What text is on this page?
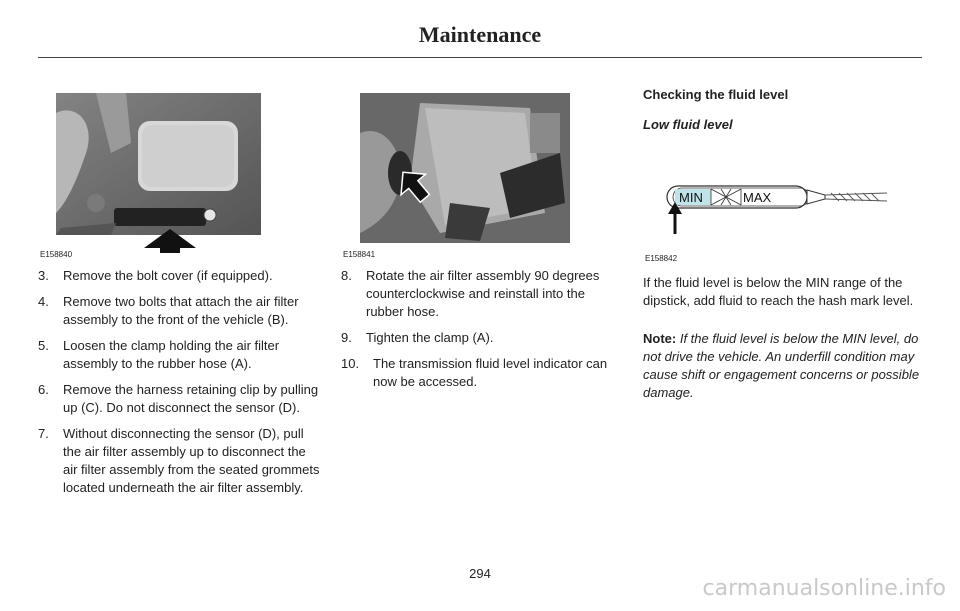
Maintenance
E158840	E158841
3. Remove the bolt cover (if equipped).
4. Remove two bolts that attach the air filter assembly to the front of the vehicle (B).
5. Loosen the clamp holding the air filter assembly to the rubber hose (A).
6. Remove the harness retaining clip by pulling up (C). Do not disconnect the sensor (D).
7. Without disconnecting the sensor (D), pull the air filter assembly up to disconnect the air filter assembly from the seated grommets located underneath the air filter assembly.
8. Rotate the air filter assembly 90 degrees counterclockwise and reinstall into the rubber hose.
9. Tighten the clamp (A).
10. The transmission fluid level indicator can now be accessed.
Checking the fluid level
Low fluid level
MIN	MAX
E158842

If the fluid level is below the MIN range of the dipstick, add fluid to reach the hash mark level.

Note: If the fluid level is below the MIN level, do not drive the vehicle. An underfill condition may cause shift or engagement concerns or possible damage.

294
carmanualsonline.info
